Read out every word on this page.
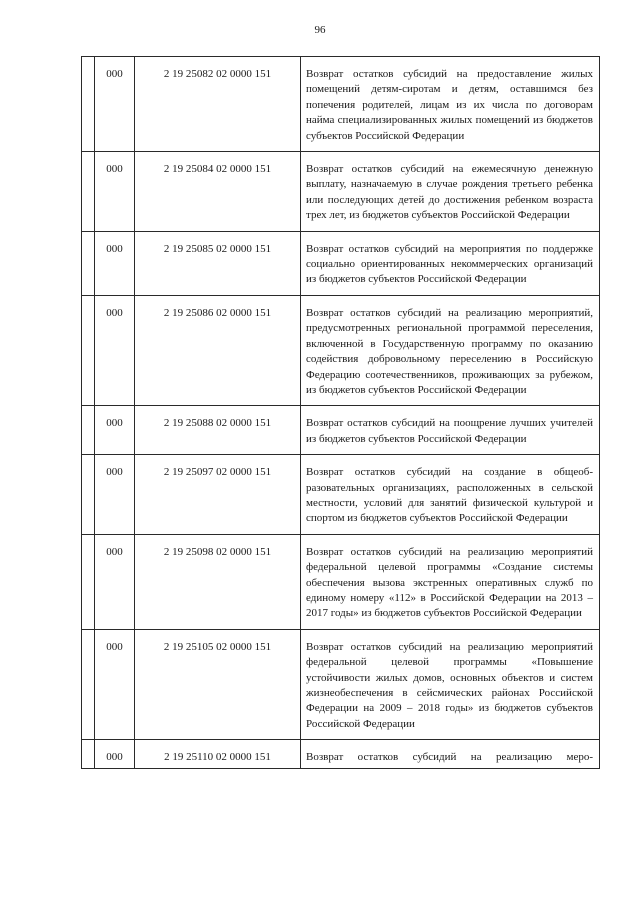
96
	000	2 19 25082 02 0000 151	Возврат остатков субсидий на предоставление жилых помещений детям-сиротам и детям, оставшимся без попечения родителей, лицам из их числа по договорам найма специализированных жилых помещений из бюджетов субъектов Российской Федерации
	000	2 19 25084 02 0000 151	Возврат остатков субсидий на ежемесячную денежную выплату, назначаемую в случае рождения третьего ребенка или последующих детей до достижения ребенком возраста трех лет, из бюджетов субъектов Российской Федерации
	000	2 19 25085 02 0000 151	Возврат остатков субсидий на мероприятия по поддержке социально ориентированных некоммерческих организаций из бюджетов субъектов Российской Федерации
	000	2 19 25086 02 0000 151	Возврат остатков субсидий на реализацию мероприятий, предусмотренных региональной программой переселения, включенной в Государственную программу по оказанию содействия добровольному переселению в Российскую Федерацию соотечественников, проживающих за рубежом, из бюджетов субъектов Российской Федерации
	000	2 19 25088 02 0000 151	Возврат остатков субсидий на поощрение лучших учителей из бюджетов субъектов Российской Федерации
	000	2 19 25097 02 0000 151	Возврат остатков субсидий на создание в общеобразовательных организациях, расположенных в сельской местности, условий для занятий физической культурой и спортом из бюджетов субъектов Российской Федерации
	000	2 19 25098 02 0000 151	Возврат остатков субсидий на реализацию мероприятий федеральной целевой программы «Создание системы обеспечения вызова экстренных оперативных служб по единому номеру «112» в Российской Федерации на 2013 – 2017 годы» из бюджетов субъектов Российской Федерации
	000	2 19 25105 02 0000 151	Возврат остатков субсидий на реализацию мероприятий федеральной целевой программы «Повышение устойчивости жилых домов, основных объектов и систем жизнеобеспечения в сейсмических районах Российской Федерации на 2009 – 2018 годы» из бюджетов субъектов Российской Федерации
	000	2 19 25110 02 0000 151	Возврат остатков субсидий на реализацию меро-
